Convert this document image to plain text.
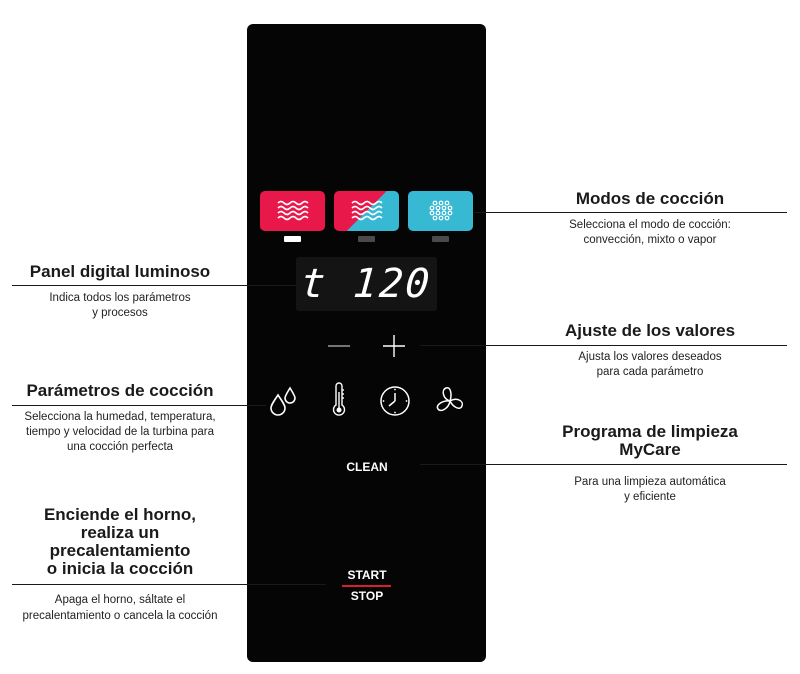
t 120
CLEAN
START
STOP
Modos de cocción
Selecciona el modo de cocción:
convección, mixto o vapor
Panel digital luminoso
Indica todos los parámetros
y procesos
Ajuste de los valores
Ajusta los valores deseados
para cada parámetro
Parámetros de cocción
Selecciona la humedad, temperatura,
tiempo y velocidad de la turbina para
una cocción perfecta
Programa de limpieza
MyCare
Para una limpieza automática
y eficiente
Enciende el horno,
realiza un
precalentamiento
o inicia la cocción
Apaga el horno, sáltate el
precalentamiento o cancela la cocción
